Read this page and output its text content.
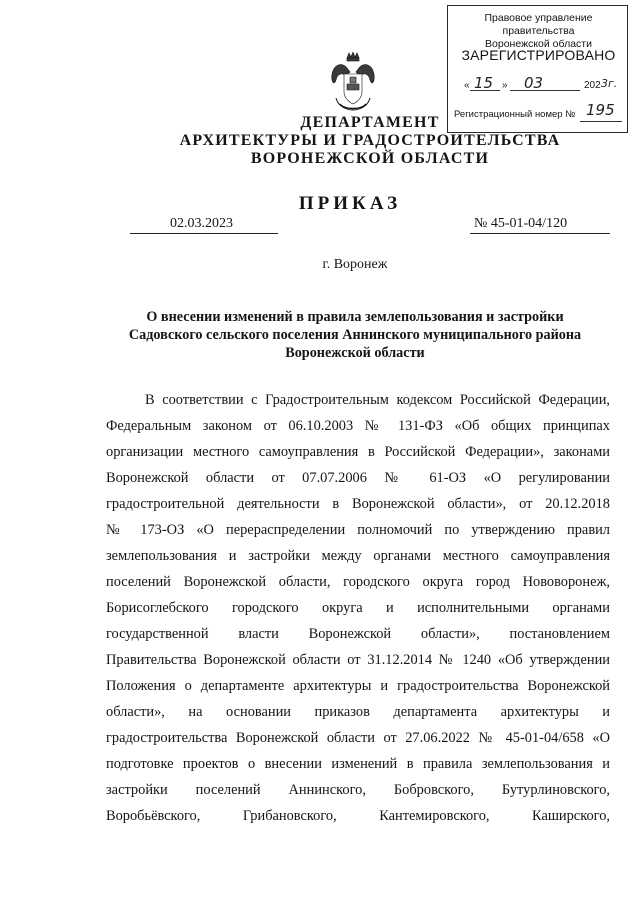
Правовое управление правительства
Воронежской области
ЗАРЕГИСТРИРОВАНО
« 15 » 03	202 3г.
Регистрационный номер № 195
ДЕПАРТАМЕНТ
АРХИТЕКТУРЫ И ГРАДОСТРОИТЕЛЬСТВА
ВОРОНЕЖСКОЙ ОБЛАСТИ
ПРИКАЗ
02.03.2023	№ 45-01-04/120
г. Воронеж
О внесении изменений в правила землепользования и застройки Садовского сельского поселения Аннинского муниципального района Воронежской области
В соответствии с Градостроительным кодексом Российской Федерации,
Федеральным законом от 06.10.2003 № 131-ФЗ «Об общих принципах
организации местного самоуправления в Российской Федерации», законами
Воронежской области от 07.07.2006 № 61-ОЗ «О регулировании
градостроительной деятельности в Воронежской области», от 20.12.2018
№ 173-ОЗ «О перераспределении полномочий по утверждению правил
землепользования и застройки между органами местного самоуправления
поселений Воронежской области, городского округа город Нововоронеж,
Борисоглебского городского округа и исполнительными органами
государственной власти Воронежской области», постановлением
Правительства Воронежской области от 31.12.2014 № 1240 «Об утверждении
Положения о департаменте архитектуры и градостроительства Воронежской
области», на основании приказов департамента архитектуры и
градостроительства Воронежской области от 27.06.2022 № 45-01-04/658 «О
подготовке проектов о внесении изменений в правила землепользования и
застройки поселений Аннинского, Бобровского, Бутурлиновского,
Воробьёвского, Грибановского, Кантемировского, Каширского,
